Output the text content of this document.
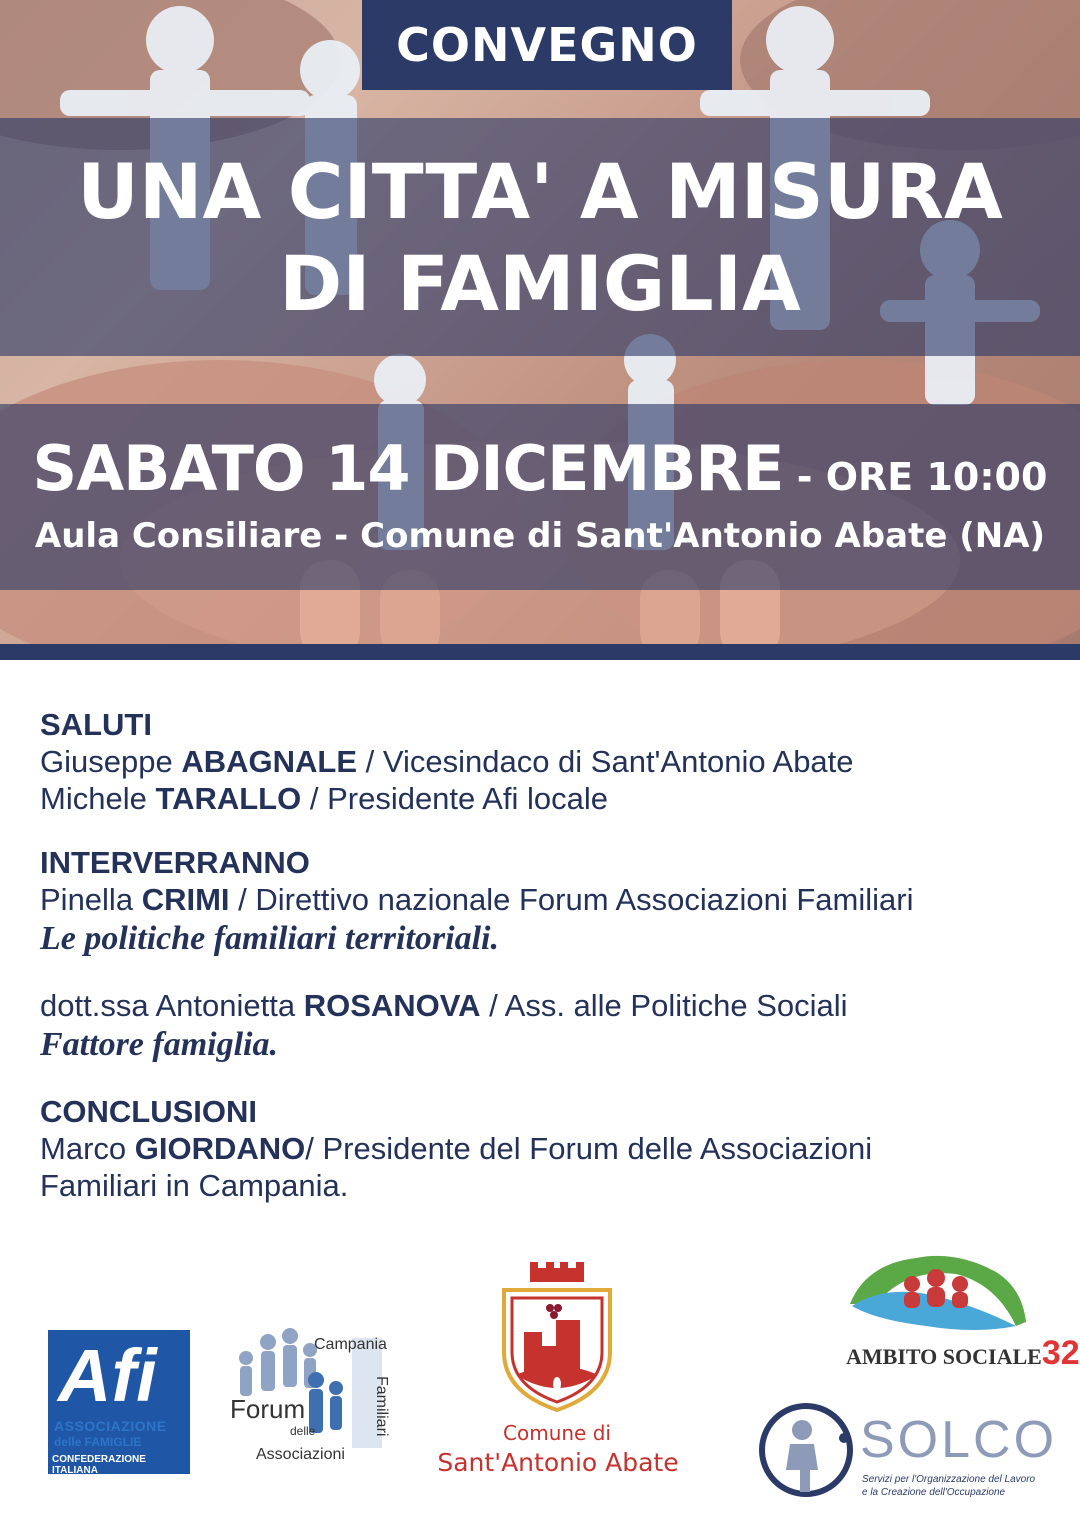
CONVEGNO
UNA CITTA' A MISURA
DI FAMIGLIA
SABATO 14 DICEMBRE - ORE 10:00
Aula Consiliare - Comune di Sant'Antonio Abate (NA)
SALUTI
Giuseppe ABAGNALE / Vicesindaco di Sant'Antonio Abate
Michele TARALLO / Presidente Afi locale
INTERVERRANNO
Pinella CRIMI / Direttivo nazionale Forum Associazioni Familiari
Le politiche familiari territoriali.
dott.ssa Antonietta ROSANOVA / Ass. alle Politiche Sociali
Fattore famiglia.
CONCLUSIONI
Marco GIORDANO/ Presidente del Forum delle Associazioni
Familiari in Campania.
Afi
ASSOCIAZIONE
delle FAMIGLIE
CONFEDERAZIONE ITALIANA
Campania
Forum
delle
Associazioni
Familiari	Comune di
Sant'Antonio Abate
AMBITO SOCIALE32
SOLCO
Servizi per l'Organizzazione del Lavoro
e la Creazione dell'Occupazione
